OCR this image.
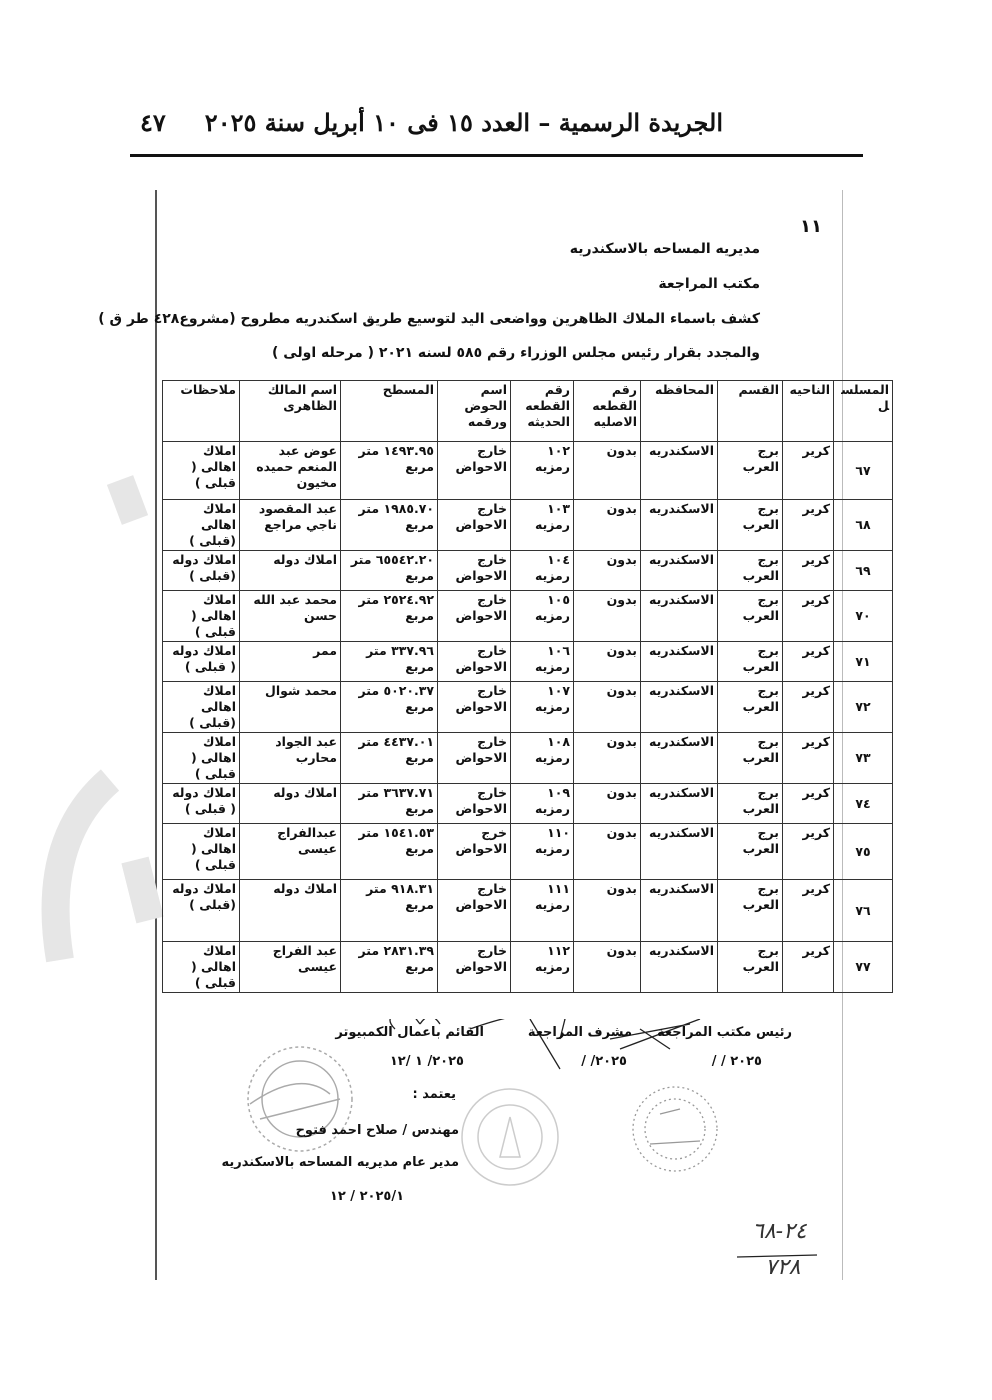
الجريدة الرسمية – العدد ١٥ فى ١٠ أبريل سنة ٢٠٢٥
٤٧
١١
مديريه المساحه بالاسكندريه
مكتب المراجعة
كشف باسماء الملاك الظاهرين وواضعى اليد لتوسيع طريق اسكندريه مطروح (مشروع٤٢٨ طر ق )
والمجدد بقرار رئيس مجلس الوزراء رقم ٥٨٥ لسنه ٢٠٢١ ( مرحله اولى )
المسلسل	الناحيه	القسم	المحافظه	رقم القطعه الاصليه	رقم القطعه الحديثه	اسم الحوض ورقمه	المسطح	اسم المالك الظاهرى	ملاحظات
٦٧	كرير	برج العرب	الاسكندريه	بدون	١٠٢ رمزيه	خارج الاحواض	١٤٩٣.٩٥ متر مربع	عوض عبد المنعم حميده مخيون	املاك اهالى ( قبلى )
٦٨	كرير	برج العرب	الاسكندريه	بدون	١٠٣ رمزيه	خارج الاحواض	١٩٨٥.٧٠ متر مربع	عبد المقصود ناجي مراجع	املاك اهالى (قبلى )
٦٩	كرير	برج العرب	الاسكندريه	بدون	١٠٤ رمزيه	خارج الاحواض	٦٥٥٤٢.٢٠ متر مربع	املاك دوله	املاك دوله (قبلى )
٧٠	كرير	برج العرب	الاسكندريه	بدون	١٠٥ رمزيه	خارج الاحواض	٢٥٢٤.٩٢ متر مربع	محمد عبد الله حسن	املاك اهالى ( قبلى )
٧١	كرير	برج العرب	الاسكندريه	بدون	١٠٦ رمزيه	خارج الاحواض	٣٣٧.٩٦ متر مربع	ممر	املاك دوله ( قبلى )
٧٢	كرير	برج العرب	الاسكندريه	بدون	١٠٧ رمزيه	خارج الاحواض	٥٠٢٠.٣٧ متر مربع	محمد شوال	املاك اهالى (قبلى )
٧٣	كرير	برج العرب	الاسكندريه	بدون	١٠٨ رمزيه	خارج الاحواض	٤٤٣٧.٠١ متر مربع	عبد الجواد محارب	املاك اهالى ( قبلى )
٧٤	كرير	برج العرب	الاسكندريه	بدون	١٠٩ رمزيه	خارج الاحواض	٣٦٣٧.٧١ متر مربع	املاك دوله	املاك دوله ( قبلى )
٧٥	كرير	برج العرب	الاسكندريه	بدون	١١٠ رمزيه	خرج الاحواض	١٥٤١.٥٣ متر مربع	عبدالفراج عيسى	املاك اهالى ( قبلى )
٧٦	كرير	برج العرب	الاسكندريه	بدون	١١١ رمزيه	خارج الاحواض	٩١٨.٣١ متر مربع	املاك دوله	املاك دوله (قبلى )
٧٧	كرير	برج العرب	الاسكندريه	بدون	١١٢ رمزيه	خارج الاحواض	٢٨٣١.٣٩ متر مربع	عبد الفراج عيسى	املاك اهالى ( قبلى )
رئيس مكتب المراجعة
٢٠٢٥ / /
مشرف المراجعة
٢٠٢٥/ /
القائم باعمال الكمبيوتر
٢٠٢٥/ ١ /١٢
يعتمد :
مهندس / صلاح احمد فتوح
مدير عام مديريه المساحه بالاسكندريه
٢٠٢٥/١ / ١٢
٢٤-٦٨
٧٢٨
